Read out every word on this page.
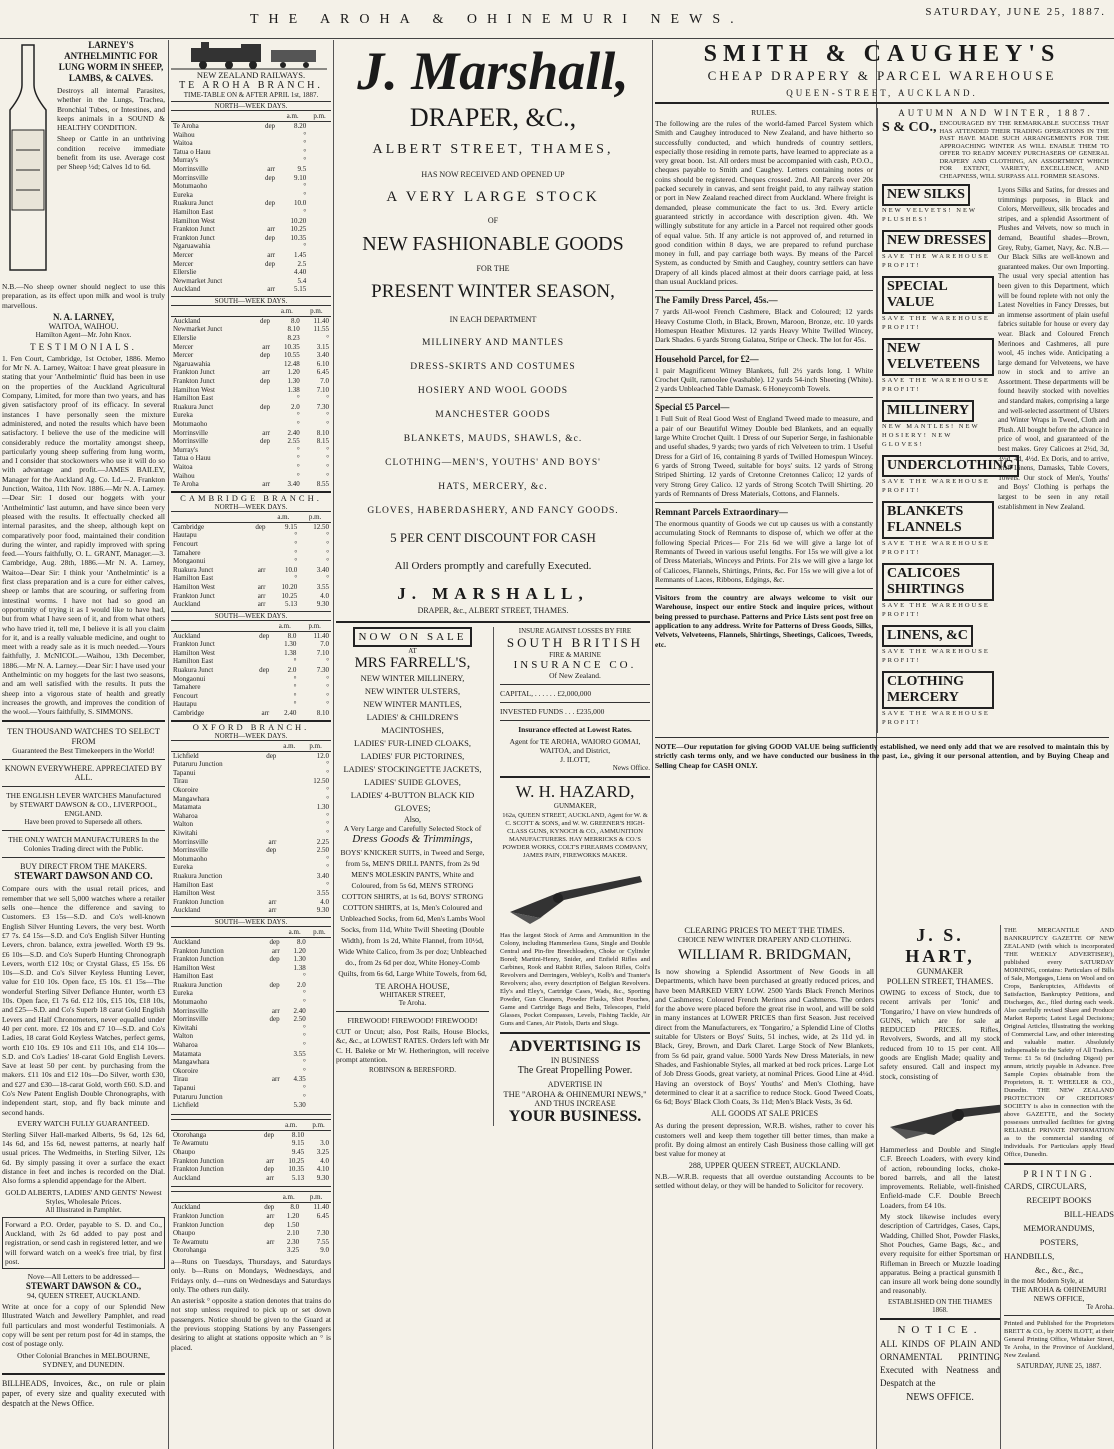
THE AROHA & OHINEMURI NEWS.	SATURDAY, JUNE 25, 1887.
LARNEY'S ANTHELMINTIC FOR LUNG WORM IN SHEEP, LAMBS, & CALVES.
Destroys all internal Parasites, whether in the Lungs, Trachea, Bronchial Tubes, or Intestines, and keeps animals in a SOUND & HEALTHY CONDITION.
Sheep or Cattle in an unthriving condition receive immediate benefit from its use. Average cost per Sheep ½d; Calves 1d to 6d.
N.B.—No sheep owner should neglect to use this preparation, as its effect upon milk and wool is truly marvellous.
N. A. LARNEY,
WAITOA, WAIHOU.
Hamilton Agent—Mr. John Knox.
TESTIMONIALS.
1. Fen Court, Cambridge, 1st October, 1886. Memo for Mr N. A. Larney, Waitoa: I have great pleasure in stating that your 'Anthelmintic' fluid has been in use on the properties of the Auckland Agricultural Company, Limited, for more than two years, and has given satisfactory proof of its efficacy. In several instances I have personally seen the mixture administered, and noted the results which have been satisfactory. I believe the use of the medicine will considerably reduce the mortality amongst sheep, particularly young sheep suffering from lung worm, and I consider that stockowners who use it will do so with advantage and profit.—JAMES BAILEY, Manager for the Auckland Ag. Co. Ld.—2. Frankton Junction, Waitoa, 11th Nov. 1886.—Mr N. A. Larney.—Dear Sir: I dosed our hoggets with your 'Anthelmintic' last autumn, and have since been very pleased with the results. It effectually checked all internal parasites, and the sheep, although kept on comparatively poor food, maintained their condition during the winter, and rapidly improved with spring feed.—Yours faithfully, O. L. GRANT, Manager.—3. Cambridge, Aug. 28th, 1886.—Mr N. A. Larney, Waitoa—Dear Sir: I think your 'Anthelmintic' is a first class preparation and is a cure for either calves, sheep or lambs that are scouring, or suffering from intestinal worms. I have not had so good an opportunity of trying it as I would like to have had, but from what I have seen of it, and from what others who have tried it, tell me, I believe it is all you claim for it, and is a really valuable medicine, and ought to meet with a ready sale as it is much needed.—Yours faithfully, J. McNICOL.—Waihou, 13th December, 1886.—Mr N. A. Larney.—Dear Sir: I have used your Anthelmintic on my hoggets for the last two seasons, and am well satisfied with the results. It puts the sheep into a vigorous state of health and greatly increases the growth, and improves the condition of the wool.—Yours faithfully, S. SIMMONS.
TEN THOUSAND WATCHES TO SELECT FROM
Guaranteed the Best Timekeepers in the World!
KNOWN EVERYWHERE. APPRECIATED BY ALL.
THE ENGLISH LEVER WATCHES Manufactured by STEWART DAWSON & CO., LIVERPOOL, ENGLAND.
Have been proved to Supersede all others.
THE ONLY WATCH MANUFACTURERS In the Colonies Trading direct with the Public.
BUY DIRECT FROM THE MAKERS.
STEWART DAWSON AND CO.
Compare ours with the usual retail prices, and remember that we sell 5,000 watches where a retailer sells one—hence the difference and saving to Customers. £3 15s—S.D. and Co's well-known English Silver Hunting Levers, the very best. Worth £7 7s. £4 15s—S.D. and Co's English Silver Hunting Levers, chron. balance, extra jewelled. Worth £9 9s. £6 10s—S.D. and Co's Superb Hunting Chronograph Levers, worth £12 10s; or Crystal Glass, £5 15s. £6 10s—S.D. and Co's Silver Keyless Hunting Lever, value for £10 10s. Open face, £5 10s. £1 15s—The wonderful Sterling Silver Defiance Hunter, worth £3 10s. Open face, £1 7s 6d. £12 10s, £15 10s, £18 10s, and £25—S.D. and Co's Superb 18 carat Gold English Levers and Half Chronometers, never equalled under 40 per cent. more. £2 10s and £7 10—S.D. and Co's Ladies, 18 carat Gold Keyless Watches, perfect gems, worth £10 10s. £9 10s and £11 10s, and £14 10s—S.D. and Co's Ladies' 18-carat Gold English Levers. Save at least 50 per cent. by purchasing from the makers. £11 10s and £12 10s—Do Silver, worth £30, and £27 and £30—18-carat Gold, worth £60. S.D. and Co's New Patent English Double Chronographs, with independent start, stop, and fly back minute and second hands.
EVERY WATCH FULLY GUARANTEED.
Sterling Silver Hall-marked Alberts, 9s 6d, 12s 6d, 14s 6d, and 15s 6d, newest patterns, at nearly half usual prices. The Wedmeiths, in Sterling Silver, 12s 6d. By simply passing it over a surface the exact distance in feet and inches is recorded on the Dial. Also forms a splendid appendage for the Albert.
GOLD ALBERTS, LADIES' AND GENTS' Newest Styles, Wholesale Prices.
All Illustrated in Pamphlet.
Forward a P.O. Order, payable to S. D. and Co., Auckland, with 2s 6d added to pay post and registration, or send cash in registered letter, and we will forward watch on a week's free trial, by first post.
Nove—All Letters to be addressed—
STEWART DAWSON & CO.,
94, QUEEN STREET, AUCKLAND.
Write at once for a copy of our Splendid New Illustrated Watch and Jewellery Pamphlet, and read full particulars and most wonderful Testimonials. A copy will be sent per return post for 4d in stamps, the cost of postage only.
Other Colonial Branches in MELBOURNE, SYDNEY, and DUNEDIN.
BILLHEADS, Invoices, &c., on rule or plain paper, of every size and quality executed with despatch at the News Office.
NEW ZEALAND RAILWAYS.
TE AROHA BRANCH.
TIME-TABLE ON & AFTER APRIL 1st, 1887.
NORTH—WEEK DAYS.
		a.m.	p.m.
Te Aroha	dep	8.20	
Waihou		°	
Waitoa		°	
Tatua o Hauu		°	
Murray's		°	
Morrinsville	arr	9.5	
Morrinsville	dep	9.10	
Motumaoho		°	
Eureka		°	
Ruakura Junct	dep	10.0	
Hamilton East		°	
Hamilton West		10.20	
Frankton Junct	arr	10.25	
Frankton Junct	dep	10.35	
Ngaruawahia		°	
Mercer	arr	1.45	
Mercer	dep	2.5	
Ellerslie		4.40	
Newmarket Junct		5.4	
Auckland	arr	5.15	
SOUTH—WEEK DAYS.
		a.m.	p.m.
Auckland	dep	8.0	11.40
Newmarket Junct		8.10	11.55
Ellerslie		8.23	°
Mercer	arr	10.35	3.15
Mercer	dep	10.55	3.40
Ngaruawahia		12.48	6.10
Frankton Junct	arr	1.20	6.45
Frankton Junct	dep	1.30	7.0
Hamilton West		1.38	7.10
Hamilton East		°	°
Ruakura Junct	dep	2.0	7.30
Eureka		°	°
Motumaoho		°	°
Morrinsville	arr	2.40	8.10
Morrinsville	dep	2.55	8.15
Murray's		°	°
Tatua o Hauu		°	°
Waitoa		°	°
Waihou		°	°
Te Aroha	arr	3.40	8.55
CAMBRIDGE BRANCH.
NORTH—WEEK DAYS.
		a.m.	p.m.
Cambridge	dep	9.15	12.50
Hautapu		°	°
Fencourt		°	°
Tamahere		°	°
Mongaonui		°	°
Ruakura Junct	arr	10.0	3.40
Hamilton East		°	°
Hamilton West	arr	10.20	3.55
Frankton Junct	arr	10.25	4.0
Auckland	arr	5.13	9.30
SOUTH—WEEK DAYS.
		a.m.	p.m.
Auckland	dep	8.0	11.40
Frankton Junct		1.30	7.0
Hamilton West		1.38	7.10
Hamilton East		°	°
Ruakura Junct	dep	2.0	7.30
Mongaonui		°	°
Tamahere		°	°
Fencourt		°	°
Hautapu		°	°
Cambridge	arr	2.40	8.10
OXFORD BRANCH.
NORTH—WEEK DAYS.
		a.m.	p.m.
Lichfield	dep		12.0
Putaruru Junction			°
Tapanui			°
Tirau			12.50
Okoroire			°
Mangawhara			°
Matamata			1.30
Waharoa			°
Walton			°
Kiwitahi			°
Morrinsville	arr		2.25
Morrinsville	dep		2.50
Motumaoho			°
Eureka			°
Ruakura Junction			3.40
Hamilton East			°
Hamilton West			3.55
Frankton Junction	arr		4.0
Auckland	arr		9.30
SOUTH—WEEK DAYS.
		a.m.	p.m.
Auckland	dep	8.0	
Frankton Junction	arr	1.20	
Frankton Junction	dep	1.30	
Hamilton West		1.38	
Hamilton East		°	
Ruakura Junction	dep	2.0	
Eureka		°	
Motumaoho		°	
Morrinsville	arr	2.40	
Morrinsville	dep	2.50	
Kiwitahi		°	
Walton		°	
Waharoa		°	
Matamata		3.55	
Mangawhara		°	
Okoroire		°	
Tirau	arr	4.35	
Tapanui		°	
Putaruru Junction		°	
Lichfield		5.30	
		a.m.	p.m.
Otorohanga	dep	8.10	
Te Awamutu		9.15	3.0
Ohaupo		9.45	3.25
Frankton Junction	arr	10.25	4.0
Frankton Junction	dep	10.35	4.10
Auckland	arr	5.13	9.30
		a.m.	p.m.
Auckland	dep	8.0	11.40
Frankton Junction	arr	1.20	6.45
Frankton Junction	dep	1.50	
Ohaupo		2.10	7.30
Te Awamutu	arr	2.30	7.55
Otorohanga		3.25	9.0
a—Runs on Tuesdays, Thursdays, and Saturdays only. b—Runs on Mondays, Wednesdays, and Fridays only. d—runs on Wednesdays and Saturdays only. The others run daily.
An asterisk ° opposite a station denotes that trains do not stop unless required to pick up or set down passengers. Notice should be given to the Guard at the previous stopping Stations by any Passengers desiring to alight at stations opposite which an ° is placed.
J. Marshall,
DRAPER, &C.,
ALBERT STREET, THAMES,
HAS NOW RECEIVED AND OPENED UP
A VERY LARGE STOCK
OF
NEW FASHIONABLE GOODS
FOR THE
PRESENT WINTER SEASON,
IN EACH DEPARTMENT
MILLINERY AND MANTLES
DRESS-SKIRTS AND COSTUMES
HOSIERY AND WOOL GOODS
MANCHESTER GOODS
BLANKETS, MAUDS, SHAWLS, &c.
CLOTHING—MEN'S, YOUTHS' AND BOYS'
HATS, MERCERY, &c.
GLOVES, HABERDASHERY, AND FANCY GOODS.
5 PER CENT DISCOUNT FOR CASH
All Orders promptly and carefully Executed.
J. MARSHALL,
DRAPER, &c., ALBERT STREET, THAMES.
NOW ON SALE
AT
MRS FARRELL'S,
NEW WINTER MILLINERY,
NEW WINTER ULSTERS,
NEW WINTER MANTLES,
LADIES' & CHILDREN'S MACINTOSHES,
LADIES' FUR-LINED CLOAKS,
LADIES' FUR PICTORINES,
LADIES' STOCKINGETTE JACKETS,
LADIES' SUIDE GLOVES,
LADIES' 4-BUTTON BLACK KID GLOVES;
Also,
A Very Large and Carefully Selected Stock of
Dress Goods & Trimmings,
BOYS' KNICKER SUITS, in Tweed and Serge, from 5s, MEN'S DRILL PANTS, from 2s 9d MEN'S MOLESKIN PANTS, White and Coloured, from 5s 6d, MEN'S STRONG COTTON SHIRTS, at 1s 6d, BOYS' STRONG COTTON SHIRTS, at 1s, Men's Coloured and Unbleached Socks, from 6d, Men's Lambs Wool Socks, from 11d, White Twill Sheeting (Double Width), from 1s 2d, White Flannel, from 10½d, Wide White Calico, from 3s per doz; Unbleached do., from 2s 6d per doz, White Honey-Comb Quilts, from 6s 6d, Large White Towels, from 6d,
TE AROHA HOUSE,
WHITAKER STREET,
Te Aroha.
FIREWOOD! FIREWOOD! FIREWOOD!
CUT or Uncut; also, Post Rails, House Blocks, &c, &c., at LOWEST RATES. Orders left with Mr C. H. Baleke or Mr W. Hetherington, will receive prompt attention.
ROBINSON & BERESFORD.
INSURE AGAINST LOSSES BY FIRE
SOUTH BRITISH
FIRE & MARINE
INSURANCE CO.
Of New Zealand.
CAPITAL, . . . . . . £2,000,000
INVESTED FUNDS . . . £235,000
Insurance effected at Lowest Rates.
Agent for TE AROHA, WAIORO GOMAI, WAITOA, and District,
J. ILOTT,
News Office.
W. H. HAZARD,
GUNMAKER,
162a, QUEEN STREET, AUCKLAND, Agent for W. & C. SCOTT & SONS, and W. W. GREENER'S HIGH-CLASS GUNS, KYNOCH & CO., AMMUNITION MANUFACTURERS. HAY MERRICKS & CO.'S POWDER WORKS, COLT'S FIREARMS COMPANY, JAMES PAIN, FIREWORKS MAKER.
Has the largest Stock of Arms and Ammunition in the Colony, including Hammerless Guns, Single and Double Central and Pin-fire Breechloaders, Choke or Cylinder Bored; Martini-Henry, Snider, and Enfield Rifles and Carbines, Rook and Rabbit Rifles, Saloon Rifles, Colt's Revolvers and Derringers, Webley's, Kolb's and Tranter's Revolvers; also, every description of Belgian Revolvers. Ely's and Eley's, Cartridge Cases, Wads, &c., Sporting Powder, Gun Cleaners, Powder Flasks, Shot Pouches, Game and Cartridge Bags and Belts, Telescopes, Field Glasses, Pocket Compasses, Levels, Fishing Tackle, Air Guns and Canes, Air Pistols, Darts and Slugs.
ADVERTISING IS
IN BUSINESS
The Great Propelling Power.
ADVERTISE IN
THE "AROHA & OHINEMURI NEWS,"
AND THUS INCREASE
YOUR BUSINESS.
SMITH & CAUGHEY'S
CHEAP DRAPERY & PARCEL WAREHOUSE
QUEEN-STREET, AUCKLAND.
RULES.
The following are the rules of the world-famed Parcel System which Smith and Caughey introduced to New Zealand, and have hitherto so successfully conducted, and which hundreds of country settlers, especially those residing in remote parts, have learned to appreciate as a very great boon. 1st. All orders must be accompanied with cash, P.O.O., cheques payable to Smith and Caughey. Letters containing notes or coins should be registered. Cheques crossed. 2nd. All Parcels over 20s packed securely in canvas, and sent freight paid, to any railway station or port in New Zealand reached direct from Auckland. Where freight is demanded, please communicate the fact to us. 3rd. Every article guaranteed strictly in accordance with description given. 4th. We willingly substitute for any article in a Parcel not required other goods of equal value. 5th. If any article is not approved of, and returned in good condition within 8 days, we are prepared to refund purchase money in full, and pay carriage both ways. By means of the Parcel System, as conducted by Smith and Caughey, country settlers can have Drapery of all kinds placed almost at their doors carriage paid, at less than usual Auckland prices.
The Family Dress Parcel, 45s.—
7 yards All-wool French Cashmere, Black and Coloured; 12 yards Heavy Costume Cloth, in Black, Brown, Maroon, Bronze, etc. 10 yards Homespun Heather Mixtures. 12 yards Heavy White Twilled Wincey, Dark Shades. 6 yards Strong Galatea, Stripe or Check. The lot for 45s.
Household Parcel, for £2—
1 pair Magnificent Witney Blankets, full 2½ yards long. 1 White Crochet Quilt, ramoolee (washable). 12 yards 54-inch Sheeting (White). 2 yards Unbleached Table Damask. 6 Honeycomb Towels.
Special £5 Parcel—
1 Full Suit of Real Good West of England Tweed made to measure, and a pair of our Beautiful Witney Double bed Blankets, and an equally large White Crochet Quilt. 1 Dress of our Superior Serge, in fashionable and useful shades, 9 yards; two yards of rich Velveteen to trim. 1 Useful Dress for a Girl of 16, containing 8 yards of Twilled Homespun Wincey. 6 yards of Strong Tweed, suitable for boys' suits. 12 yards of Strong Striped Shirting. 12 yards of Cretonne Cretonnes Calico; 12 yards of very Strong Grey Calico. 12 yards of Strong Scotch Twill Shirting. 20 yards of Remnants of Dress Materials, Cottons, and Flannels.
Remnant Parcels Extraordinary—
The enormous quantity of Goods we cut up causes us with a constantly accumulating Stock of Remnants to dispose of, which we offer at the following Special Prices— For 21s 6d we will give a large lot of Remnants of Tweed in various useful lengths. For 15s we will give a lot of Dress Materials, Winceys and Prints. For 21s we will give a large lot of Calicoes, Flannels, Shirtings, Prints, &c. For 15s we will give a lot of Remnants of Laces, Ribbons, Edgings, &c.
Visitors from the country are always welcome to visit our Warehouse, inspect our entire Stock and inquire prices, without being pressed to purchase. Patterns and Price Lists sent post free on application to any address. Write for Patterns of Dress Goods, Silks, Velvets, Velveteens, Flannels, Shirtings, Sheetings, Calicoes, Tweeds, etc.
AUTUMN AND WINTER, 1887.
S & CO., ENCOURAGED BY THE REMARKABLE SUCCESS THAT HAS ATTENDED THEIR TRADING OPERATIONS IN THE PAST HAVE MADE SUCH ARRANGEMENTS FOR THE APPROACHING WINTER AS WILL ENABLE THEM TO OFFER TO READY MONEY PURCHASERS OF GENERAL DRAPERY AND CLOTHING, AN ASSORTMENT WHICH FOR EXTENT, VARIETY, EXCELLENCE, AND CHEAPNESS, WILL SURPASS ALL FORMER SEASONS.
NEW SILKS
NEW VELVETS! NEW PLUSHES!
NEW DRESSES
SAVE THE WAREHOUSE PROFIT!
SPECIAL VALUE
SAVE THE WAREHOUSE PROFIT!
NEW VELVETEENS
SAVE THE WAREHOUSE PROFIT!
MILLINERY
NEW MANTLES! NEW HOSIERY! NEW GLOVES!
UNDERCLOTHING
SAVE THE WAREHOUSE PROFIT!
BLANKETS FLANNELS
SAVE THE WAREHOUSE PROFIT!
CALICOES SHIRTINGS
SAVE THE WAREHOUSE PROFIT!
LINENS, &C
SAVE THE WAREHOUSE PROFIT!
CLOTHING MERCERY
SAVE THE WAREHOUSE PROFIT!
Lyons Silks and Satins, for dresses and trimmings purposes, in Black and Colors, Merveilleux, silk brocades and stripes, and a splendid Assortment of Plushes and Velvets, now so much in demand, Beautiful shades—Brown, Grey, Ruby, Garnet, Navy, &c. N.B.—Our Black Silks are well-known and guaranteed makes. Our own Importing. The usual very special attention has been given to this Department, which will be found replete with not only the Latest Novelties in Fancy Dresses, but an immense assortment of plain useful fabrics suitable for house or every day wear. Black and Coloured French Merinoes and Cashmeres, all pure wool, 45 inches wide. Anticipating a large demand for Velveteens, we have now in stock and to arrive an Assortment. These departments will be found heavily stocked with novelties and standard makes, comprising a large and well-selected assortment of Ulsters and Winter Wraps in Tweed, Cloth and Plush. All bought before the advance in price of wool, and guaranteed of the best makes. Grey Calicoes at 2½d, 3d, 3½d, 4d, 4½d. Ex Doris, and to arrive, Irish Linens, Damasks, Table Covers, Towels. Our stock of Men's, Youths' and Boys' Clothing is perhaps the largest to be seen in any retail establishment in New Zealand.
NOTE—Our reputation for giving GOOD VALUE being sufficiently established, we need only add that we are resolved to maintain this by strictly cash terms only, and we have conducted our business in the past, i.e., giving it our personal attention, and by Buying Cheap and Selling Cheap for CASH ONLY.
CLEARING PRICES TO MEET THE TIMES.
CHOICE NEW WINTER DRAPERY AND CLOTHING.
WILLIAM R. BRIDGMAN,
Is now showing a Splendid Assortment of New Goods in all Departments, which have been purchased at greatly reduced prices, and have been MARKED VERY LOW. 2500 Yards Black French Merinos and Cashmeres; Coloured French Merinos and Cashmeres. The orders for the above were placed before the great rise in wool, and will be sold in many instances at LOWER PRICES than first Season. Just received direct from the Manufacturers, ex 'Tongariro,' a Splendid Line of Cloths suitable for Ulsters or Boys' Suits, 51 inches, wide, at 2s 11d yd. in Black, Grey, Brown, and Dark Claret. Large Stock of New Blankets, from 5s 6d pair, grand value. 5000 Yards New Dress Materials, in new Shades, and Fashionable Styles, all marked at bed rock prices. Large Lot of Job Dress Goods, great variety, at nominal Prices. Good Line at 4¼d. Having an overstock of Boys' Youths' and Men's Clothing, have determined to clear it at a sacrifice to reduce Stock. Good Tweed Coats, 6s 6d; Boys' Black Cloth Coats, 3s 11d; Men's Black Vests, 3s 6d.
ALL GOODS AT SALE PRICES
As during the present depression, W.R.B. wishes, rather to cover his customers well and keep them together till better times, than make a profit. By doing almost an entirely Cash Business those calling will get best value for money at
288, UPPER QUEEN STREET, AUCKLAND.
N.B.—W.R.B. requests that all overdue outstanding Accounts to be settled without delay, or they will be handed to Solicitor for recovery.
J. S. HART,
GUNMAKER
POLLEN STREET, THAMES.
OWING to excess of Stock, due to recent arrivals per 'Ionic' and 'Tongariro,' I have on view hundreds of GUNS, which are for sale at REDUCED PRICES. Rifles, Revolvers, Swords, and all my stock reduced from 10 to 15 per cent. All goods are English Made; quality and safety ensured. Call and inspect my stock, consisting of
Hammerless and Double and Single C.F. Breech Loaders, with every kind of action, rebounding locks, choke-bored barrels, and all the latest improvements. Reliable, well-finished Enfield-made C.F. Double Breech Loaders, from £4 10s.
My stock likewise includes every description of Cartridges, Cases, Caps, Wadding, Chilled Shot, Powder Flasks, Shot Pouches, Game Bags, &c., and every requisite for either Sportsman or Rifleman in Breech or Muzzle loading apparatus. Being a practical gunsmith I can insure all work being done soundly and reasonably.
ESTABLISHED ON THE THAMES 1868.
NOTICE.
ALL KINDS OF PLAIN AND ORNAMENTAL PRINTING Executed with Neatness and Despatch at the
NEWS OFFICE.
THE MERCANTILE AND BANKRUPTCY GAZETTE OF NEW ZEALAND (with which is incorporated 'THE WEEKLY ADVERTISER'), published every SATURDAY MORNING, contains: Particulars of Bills of Sale, Mortgages, Liens on Wool and on Crops, Bankruptcies, Affidavits of Satisfaction, Bankruptcy Petitions, and Discharges, &c., filed during each week. Also carefully revised Share and Produce Market Reports; Latest Legal Decisions; Original Articles, Illustrating the working of Commercial Law, and other interesting and valuable matter. Absolutely indispensable to the Safety of All Traders. Terms: £1 5s 6d (including Digest) per annum, strictly payable in Advance. Free Sample Copies obtainable from the Proprietors, R. T. WHEELER & CO., Dunedin. THE NEW ZEALAND PROTECTION OF CREDITORS' SOCIETY is also in connection with the above GAZETTE, and the Society possesses unrivalled facilities for giving RELIABLE PRIVATE INFORMATION as to the commercial standing of individuals. For Particulars apply Head Office, Dunedin.
PRINTING.
CARDS, CIRCULARS,
RECEIPT BOOKS
BILL-HEADS
MEMORANDUMS,
POSTERS,
HANDBILLS,
&c., &c., &c.,
in the most Modern Style, at
THE AROHA & OHINEMURI NEWS OFFICE,
Te Aroha.
Printed and Published for the Proprietors BRETT & CO., by JOHN ILOTT, at their General Printing Office, Whitaker Street, Te Aroha, in the Province of Auckland, New Zealand.
SATURDAY, JUNE 25, 1887.
